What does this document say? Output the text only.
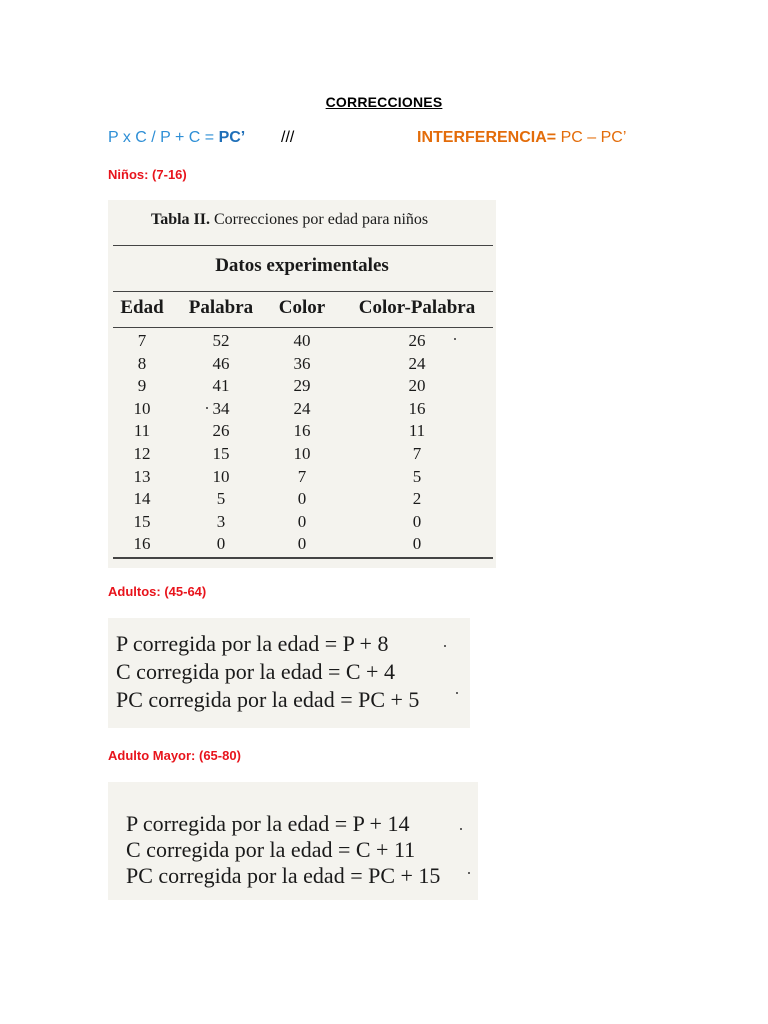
CORRECCIONES
P x C / P + C = PC’ ///	INTERFERENCIA= PC – PC’
Niños: (7-16)
Tabla II. Correcciones por edad para niños
Datos experimentales
Edad	Palabra	Color	Color-Palabra
7	52	40	26
8	46	36	24
9	41	29	20
10	34	24	16
11	26	16	11
12	15	10	7
13	10	7	5
14	5	0	2
15	3	0	0
16	0	0	0
Adultos: (45-64)
P corregida por la edad = P + 8
C corregida por la edad = C + 4
PC corregida por la edad = PC + 5
Adulto Mayor: (65-80)
P corregida por la edad = P + 14
C corregida por la edad = C + 11
PC corregida por la edad = PC + 15
